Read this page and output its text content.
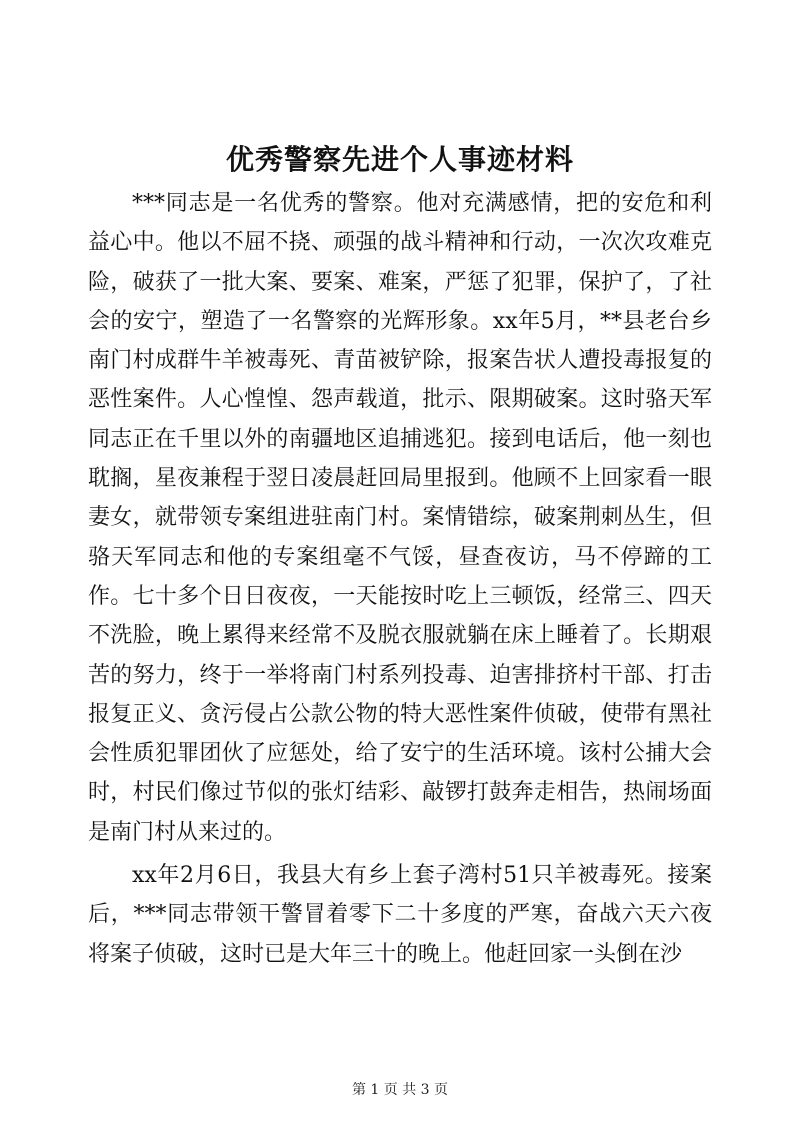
优秀警察先进个人事迹材料

***同志是一名优秀的警察。他对充满感情，把的安危和利益心中。他以不屈不挠、顽强的战斗精神和行动，一次次攻难克险，破获了一批大案、要案、难案，严惩了犯罪，保护了，了社会的安宁，塑造了一名警察的光辉形象。xx年5月，**县老台乡南门村成群牛羊被毒死、青苗被铲除，报案告状人遭投毒报复的恶性案件。人心惶惶、怨声载道，批示、限期破案。这时骆天军同志正在千里以外的南疆地区追捕逃犯。接到电话后，他一刻也耽搁，星夜兼程于翌日凌晨赶回局里报到。他顾不上回家看一眼妻女，就带领专案组进驻南门村。案情错综，破案荆刺丛生，但骆天军同志和他的专案组毫不气馁，昼查夜访，马不停蹄的工作。七十多个日日夜夜，一天能按时吃上三顿饭，经常三、四天不洗脸，晚上累得来经常不及脱衣服就躺在床上睡着了。长期艰苦的努力，终于一举将南门村系列投毒、迫害排挤村干部、打击报复正义、贪污侵占公款公物的特大恶性案件侦破，使带有黑社会性质犯罪团伙了应惩处，给了安宁的生活环境。该村公捕大会时，村民们像过节似的张灯结彩、敲锣打鼓奔走相告，热闹场面是南门村从来过的。

xx年2月6日，我县大有乡上套子湾村51只羊被毒死。接案后，***同志带领干警冒着零下二十多度的严寒，奋战六天六夜将案子侦破，这时已是大年三十的晚上。他赶回家一头倒在沙

第 1 页 共 3 页
